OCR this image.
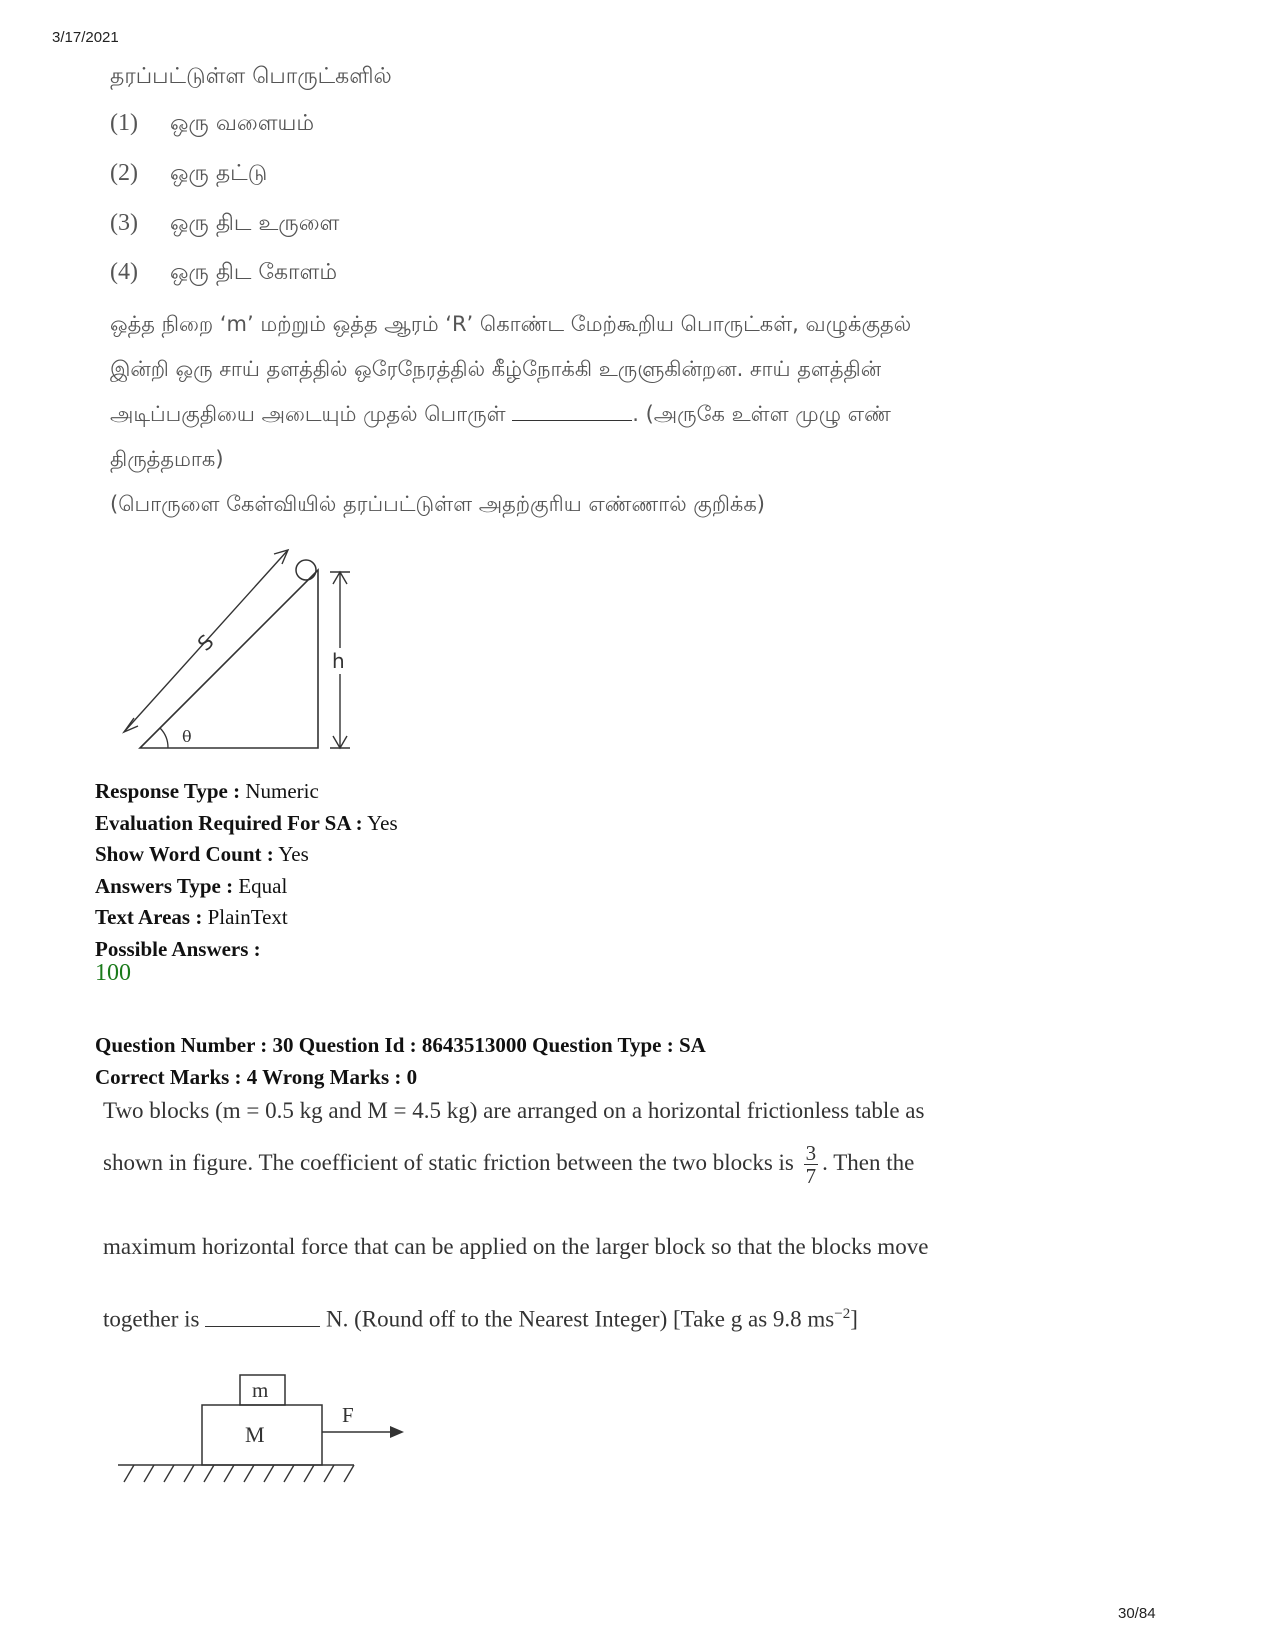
3/17/2021
தரப்பட்டுள்ள பொருட்களில்
(1) ஒரு வளையம்
(2) ஒரு தட்டு
(3) ஒரு திட உருளை
(4) ஒரு திட கோளம்
ஒத்த நிறை ‘m’ மற்றும் ஒத்த ஆரம் ‘R’ கொண்ட மேற்கூறிய பொருட்கள், வழுக்குதல்
இன்றி ஒரு சாய் தளத்தில் ஒரேநேரத்தில் கீழ்நோக்கி உருளுகின்றன. சாய் தளத்தின்
அடிப்பகுதியை அடையும் முதல் பொருள்	. (அருகே உள்ள முழு எண்
திருத்தமாக)
(பொருளை கேள்வியில் தரப்பட்டுள்ள அதற்குரிய எண்ணால் குறிக்க)
S
h
θ
Response Type : Numeric
Evaluation Required For SA : Yes
Show Word Count : Yes
Answers Type : Equal
Text Areas : PlainText
Possible Answers :
100
Question Number : 30 Question Id : 8643513000 Question Type : SA
Correct Marks : 4 Wrong Marks : 0
Two blocks (m = 0.5 kg and M = 4.5 kg) are arranged on a horizontal frictionless table as
shown in figure. The coefficient of static friction between the two blocks is $\frac{3}{7}$ . Then the
maximum horizontal force that can be applied on the larger block so that the blocks move
together is	N. (Round off to the Nearest Integer) [Take g as 9.8 $ms^{-2}$]
m
M
F
30/84
